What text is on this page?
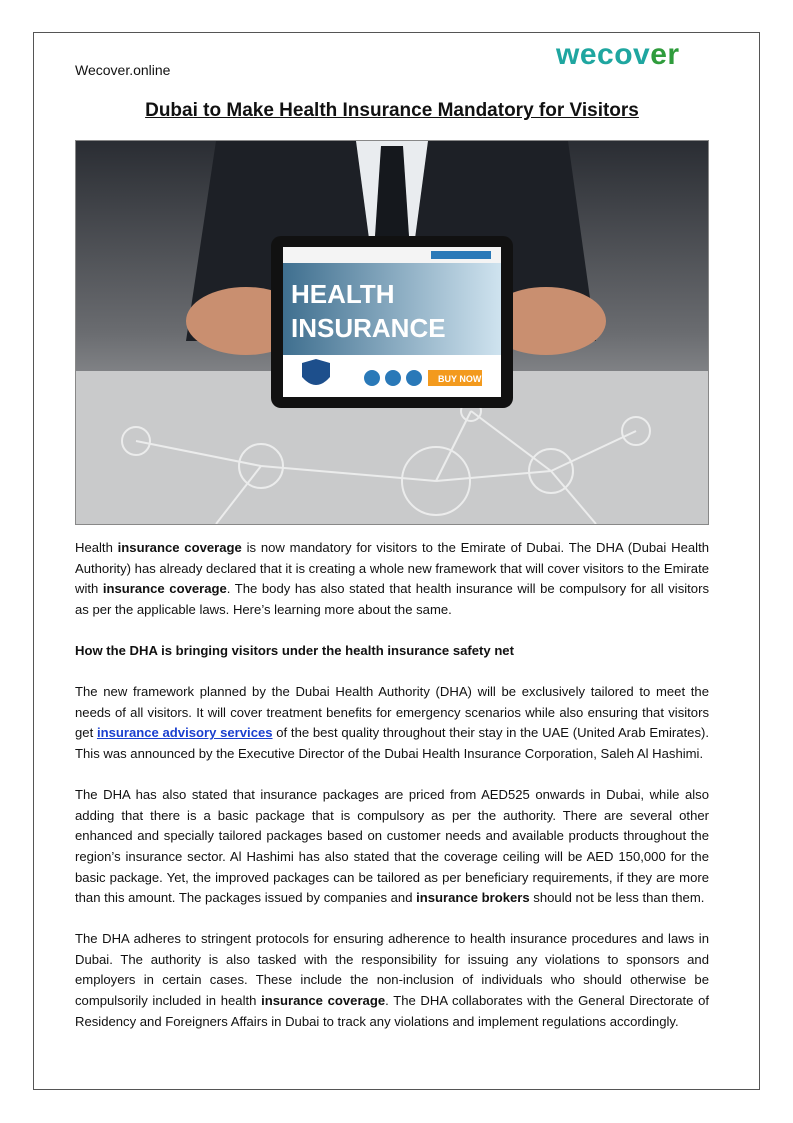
Wecover.online	wecover
Dubai to Make Health Insurance Mandatory for Visitors
HEALTH
INSURANCE
BUY NOW

Health insurance coverage is now mandatory for visitors to the Emirate of Dubai. The DHA (Dubai Health Authority) has already declared that it is creating a whole new framework that will cover visitors to the Emirate with insurance coverage. The body has also stated that health insurance will be compulsory for all visitors as per the applicable laws. Here’s learning more about the same.

How the DHA is bringing visitors under the health insurance safety net

The new framework planned by the Dubai Health Authority (DHA) will be exclusively tailored to meet the needs of all visitors. It will cover treatment benefits for emergency scenarios while also ensuring that visitors get insurance advisory services of the best quality throughout their stay in the UAE (United Arab Emirates). This was announced by the Executive Director of the Dubai Health Insurance Corporation, Saleh Al Hashimi.

The DHA has also stated that insurance packages are priced from AED525 onwards in Dubai, while also adding that there is a basic package that is compulsory as per the authority. There are several other enhanced and specially tailored packages based on customer needs and available products throughout the region’s insurance sector. Al Hashimi has also stated that the coverage ceiling will be AED 150,000 for the basic package. Yet, the improved packages can be tailored as per beneficiary requirements, if they are more than this amount. The packages issued by companies and insurance brokers should not be less than them.

The DHA adheres to stringent protocols for ensuring adherence to health insurance procedures and laws in Dubai. The authority is also tasked with the responsibility for issuing any violations to sponsors and employers in certain cases. These include the non-inclusion of individuals who should otherwise be compulsorily included in health insurance coverage. The DHA collaborates with the General Directorate of Residency and Foreigners Affairs in Dubai to track any violations and implement regulations accordingly.
